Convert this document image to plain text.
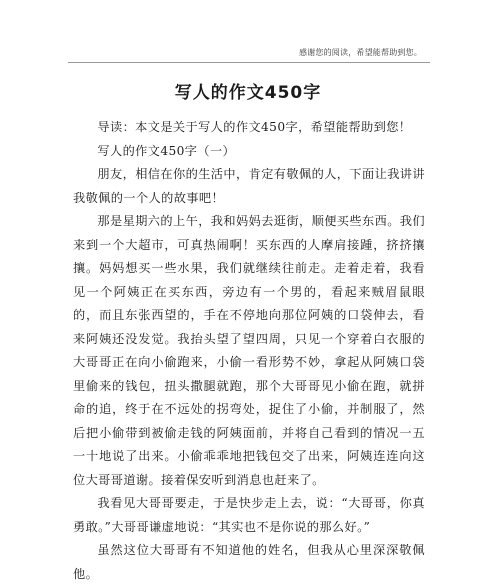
感谢您的阅读，希望能帮助到您。
写人的作文450字

导读：本文是关于写人的作文450字，希望能帮助到您！

写人的作文450字（一）

朋友，相信在你的生活中，肯定有敬佩的人，下面让我讲讲我敬佩的一个人的故事吧！

那是星期六的上午，我和妈妈去逛街，顺便买些东西。我们来到一个大超市，可真热闹啊！买东西的人摩肩接踵，挤挤攘攘。妈妈想买一些水果，我们就继续往前走。走着走着，我看见一个阿姨正在买东西，旁边有一个男的，看起来贼眉鼠眼的，而且东张西望的，手在不停地向那位阿姨的口袋伸去，看来阿姨还没发觉。我抬头望了望四周，只见一个穿着白衣服的大哥哥正在向小偷跑来，小偷一看形势不妙，拿起从阿姨口袋里偷来的钱包，扭头撒腿就跑，那个大哥哥见小偷在跑，就拼命的追，终于在不远处的拐弯处，捉住了小偷，并制服了，然后把小偷带到被偷走钱的阿姨面前，并将自己看到的情况一五一十地说了出来。小偷乖乖地把钱包交了出来，阿姨连连向这位大哥哥道谢。接着保安听到消息也赶来了。

我看见大哥哥要走，于是快步走上去，说：“大哥哥，你真勇敢。”大哥哥谦虚地说：“其实也不是你说的那么好。”

虽然这位大哥哥有不知道他的姓名，但我从心里深深敬佩他。
